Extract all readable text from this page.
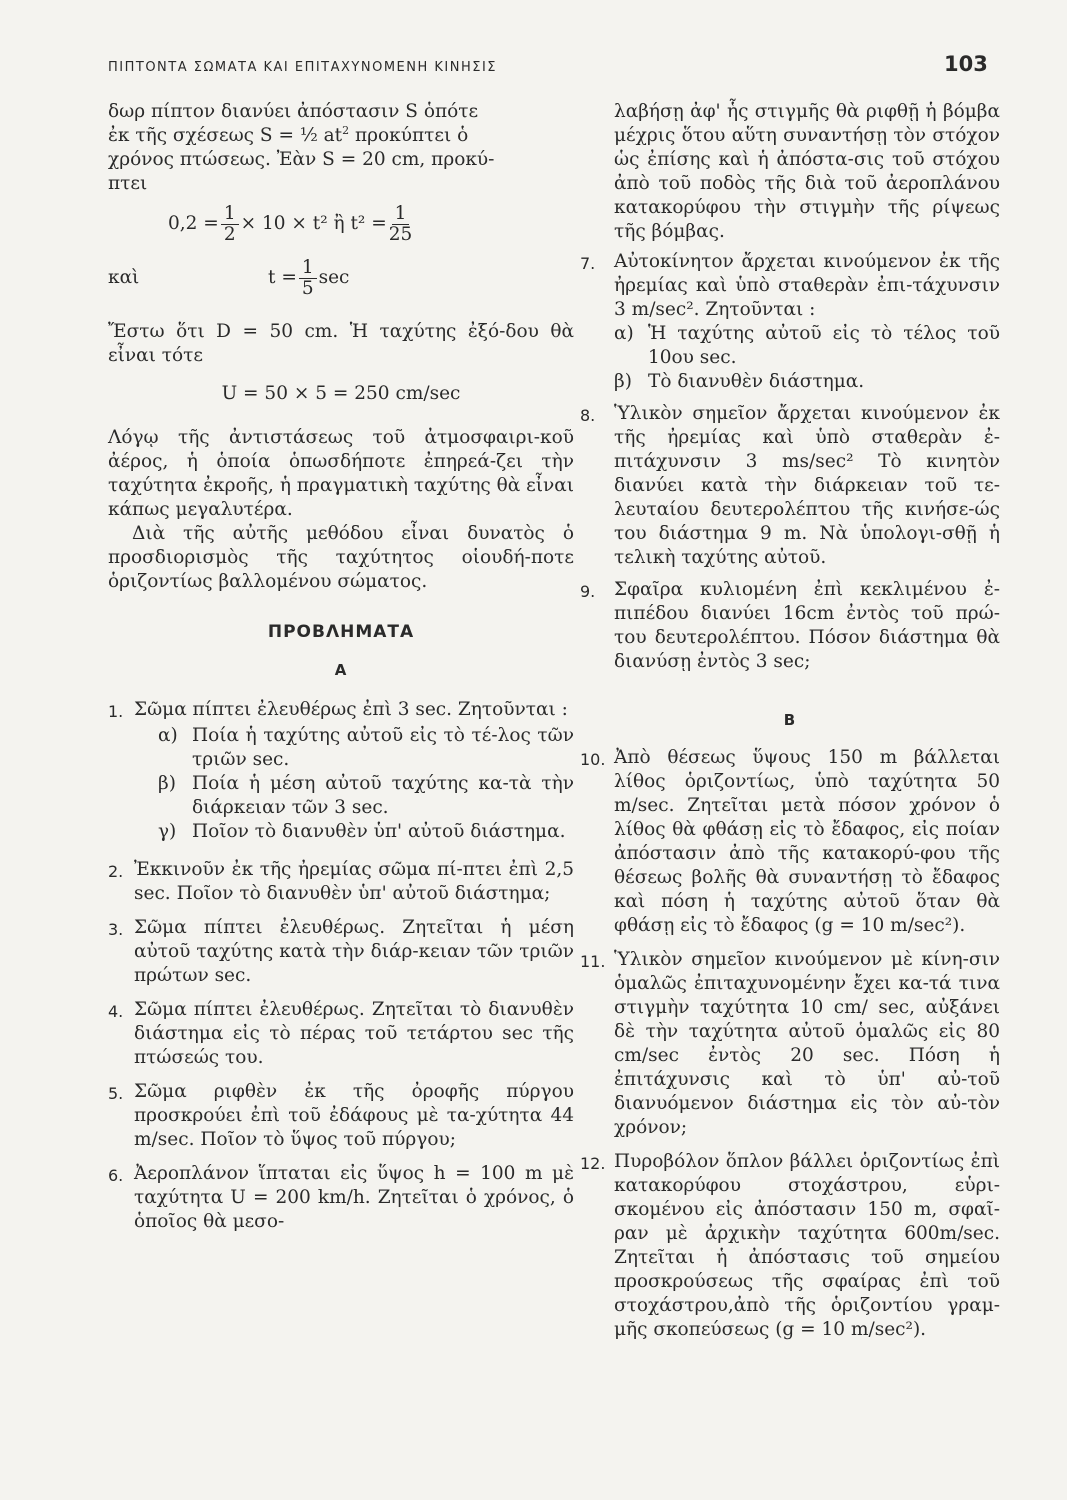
ΠΙΠΤΟΝΤΑ ΣΩΜΑΤΑ ΚΑΙ ΕΠΙΤΑΧΥΝΟΜΕΝΗ ΚΙΝΗΣΙΣ	103

δωρ πίπτον διανύει ἀπόστασιν S ὁπότε

ἐκ τῆς σχέσεως S = ½ $at^2$ προκύπτει ὁ

χρόνος πτώσεως. Ἐὰν S = 20 cm, προκύ-

πτει

$0,2 = \frac{1}{2} \times 10 \times t^2$ ἢ $t^2 = \frac{1}{25}$
καὶ	$t = \frac{1}{5}$ sec

Ἔστω ὅτι D = 50 cm. Ἡ ταχύτης ἐξό-δου θὰ εἶναι τότε

U = 50 × 5 = 250 cm/sec

Λόγῳ τῆς ἀντιστάσεως τοῦ ἀτμοσφαιρι-κοῦ ἀέρος, ἡ ὁποία ὁπωσδήποτε ἐπηρεά-ζει τὴν ταχύτητα ἐκροῆς, ἡ πραγματικὴ ταχύτης θὰ εἶναι κάπως μεγαλυτέρα.

Διὰ τῆς αὐτῆς μεθόδου εἶναι δυνατὸς ὁ προσδιορισμὸς τῆς ταχύτητος οἱουδή-ποτε ὁριζοντίως βαλλομένου σώματος.

ΠΡΟΒΛΗΜΑΤΑ
Α
1. Σῶμα πίπτει ἐλευθέρως ἐπὶ 3 sec. Ζητοῦνται :
α) Ποία ἡ ταχύτης αὐτοῦ εἰς τὸ τέ-λος τῶν τριῶν sec.
β) Ποία ἡ μέση αὐτοῦ ταχύτης κα-τὰ τὴν διάρκειαν τῶν 3 sec.
γ) Ποῖον τὸ διανυθὲν ὑπ' αὐτοῦ διάστημα.
2. Ἐκκινοῦν ἐκ τῆς ἠρεμίας σῶμα πί-πτει ἐπὶ 2,5 sec. Ποῖον τὸ διανυθὲν ὑπ' αὐτοῦ διάστημα;
3. Σῶμα πίπτει ἐλευθέρως. Ζητεῖται ἡ μέση αὐτοῦ ταχύτης κατὰ τὴν διάρ-κειαν τῶν τριῶν πρώτων sec.
4. Σῶμα πίπτει ἐλευθέρως. Ζητεῖται τὸ διανυθὲν διάστημα εἰς τὸ πέρας τοῦ τετάρτου sec τῆς πτώσεώς του.
5. Σῶμα ριφθὲν ἐκ τῆς ὀροφῆς πύργου προσκρούει ἐπὶ τοῦ ἐδάφους μὲ τα-χύτητα 44 m/sec. Ποῖον τὸ ὕψος τοῦ πύργου;
6. Ἀεροπλάνον ἵπταται εἰς ὕψος h = 100 m μὲ ταχύτητα U = 200 km/h. Ζητεῖται ὁ χρόνος, ὁ ὁποῖος θὰ μεσο-

λαβήσῃ ἀφ' ἧς στιγμῆς θὰ ριφθῇ ἡ βόμβα μέχρις ὅτου αὕτη συναντήσῃ τὸν στόχον ὡς ἐπίσης καὶ ἡ ἀπόστα-σις τοῦ στόχου ἀπὸ τοῦ ποδὸς τῆς διὰ τοῦ ἀεροπλάνου κατακορύφου τὴν στιγμὴν τῆς ρίψεως τῆς βόμβας.

7.	Αὐτοκίνητον ἄρχεται κινούμενον ἐκ τῆς ἠρεμίας καὶ ὑπὸ σταθερὰν ἐπι-τάχυνσιν 3 m/sec². Ζητοῦνται :
α) Ἡ ταχύτης αὐτοῦ εἰς τὸ τέλος τοῦ 10ου sec.
β) Τὸ διανυθὲν διάστημα.
8.	Ὑλικὸν σημεῖον ἄρχεται κινούμενον ἐκ τῆς ἠρεμίας καὶ ὑπὸ σταθερὰν ἐ-πιτάχυνσιν 3 ms/sec² Τὸ κινητὸν διανύει κατὰ τὴν διάρκειαν τοῦ τε-λευταίου δευτερολέπτου τῆς κινήσε-ώς του διάστημα 9 m. Νὰ ὑπολογι-σθῇ ἡ τελικὴ ταχύτης αὐτοῦ.
9.	Σφαῖρα κυλιομένη ἐπὶ κεκλιμένου ἐ-πιπέδου διανύει 16cm ἐντὸς τοῦ πρώ-του δευτερολέπτου. Πόσον διάστημα θὰ διανύσῃ ἐντὸς 3 sec;
Β
10. Ἀπὸ θέσεως ὕψους 150 m βάλλεται λίθος ὁριζοντίως, ὑπὸ ταχύτητα 50 m/sec. Ζητεῖται μετὰ πόσον χρόνον ὁ λίθος θὰ φθάσῃ εἰς τὸ ἔδαφος, εἰς ποίαν ἀπόστασιν ἀπὸ τῆς κατακορύ-φου τῆς θέσεως βολῆς θὰ συναντήσῃ τὸ ἔδαφος καὶ πόση ἡ ταχύτης αὐτοῦ ὅταν θὰ φθάσῃ εἰς τὸ ἔδαφος (g = 10 m/sec²).
11. Ὑλικὸν σημεῖον κινούμενον μὲ κίνη-σιν ὁμαλῶς ἐπιταχυνομένην ἔχει κα-τά τινα στιγμὴν ταχύτητα 10 cm/ sec, αὐξάνει δὲ τὴν ταχύτητα αὐτοῦ ὁμαλῶς εἰς 80 cm/sec ἐντὸς 20 sec. Πόση ἡ ἐπιτάχυνσις καὶ τὸ ὑπ' αὐ-τοῦ διανυόμενον διάστημα εἰς τὸν αὐ-τὸν χρόνον;
12. Πυροβόλον ὅπλον βάλλει ὁριζοντίως ἐπὶ κατακορύφου στοχάστρου, εὑρι-σκομένου εἰς ἀπόστασιν 150 m, σφαῖ-ραν μὲ ἀρχικὴν ταχύτητα 600m/sec. Ζητεῖται ἡ ἀπόστασις τοῦ σημείου προσκρούσεως τῆς σφαίρας ἐπὶ τοῦ στοχάστρου,ἀπὸ τῆς ὁριζοντίου γραμ-μῆς σκοπεύσεως (g = 10 m/sec²).
